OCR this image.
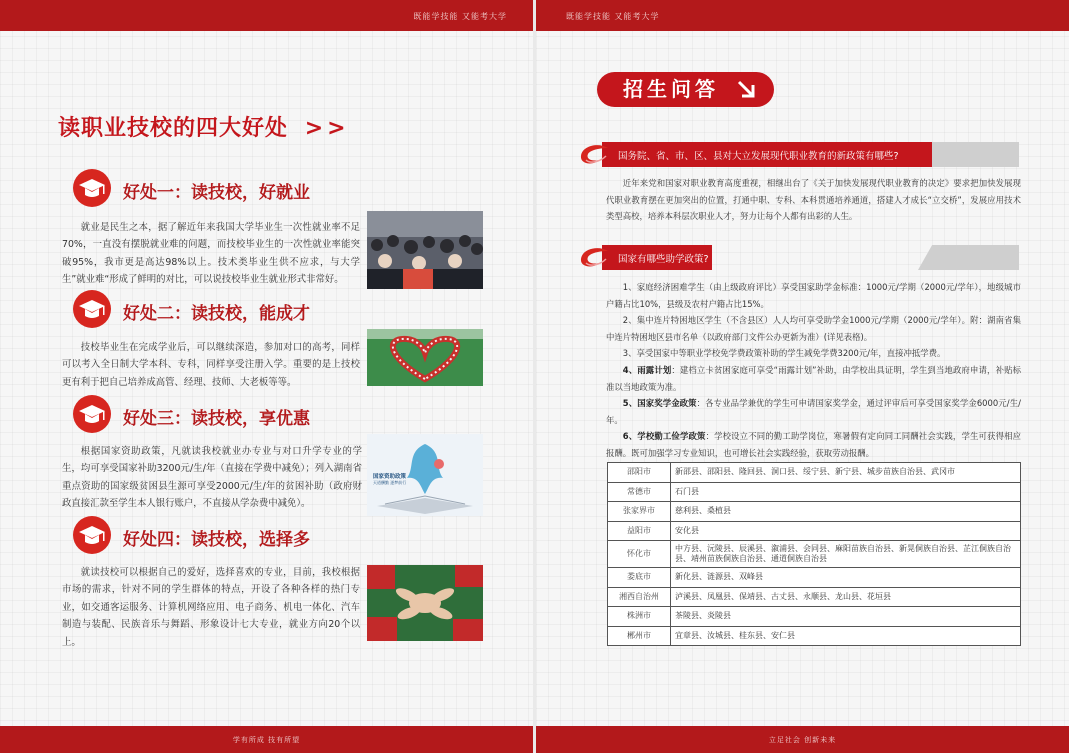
既能学技能 又能考大学
读职业技校的四大好处 >>
好处一：读技校，好就业

就业是民生之本，据了解近年来我国大学毕业生一次性就业率不足70%，一直没有摆脱就业难的问题，而技校毕业生的一次性就业率能突破95%，我市更是高达98%以上。技术类毕业生供不应求，与大学生”就业难“形成了鲜明的对比，可以说技校毕业生就业形式非常好。

好处二：读技校，能成才

技校毕业生在完成学业后，可以继续深造，参加对口的高考，同样可以考入全日制大学本科、专科，同样享受注册入学。重要的是上技校更有利于把自己培养成高管、经理、技师、大老板等等。

好处三：读技校，享优惠

根据国家资助政策，凡就读我校就业办专业与对口升学专业的学生，均可享受国家补助3200元/生/年（直接在学费中减免）；列入湖南省重点资助的国家级贫困县生源可享受2000元/生/年的贫困补助（政府财政直接汇款至学生本人银行账户，不直接从学杂费中减免）。

国家资助政策
天道酬勤 逐梦前行
好处四：读技校，选择多

就读技校可以根据自己的爱好，选择喜欢的专业，目前，我校根据市场的需求，针对不同的学生群体的特点，开设了各种各样的热门专业，如交通客运服务、计算机网络应用、电子商务、机电一体化、汽车制造与装配、民族音乐与舞蹈、形象设计七大专业，就业方向20个以上。

学有所成 技有所望
既能学技能 又能考大学
招生问答
国务院、省、市、区、县对大立发展现代职业教育的新政策有哪些?

近年来党和国家对职业教育高度重视，相继出台了《关于加快发展现代职业教育的决定》要求把加快发展现代职业教育摆在更加突出的位置，打通中职、专科、本科贯通培养通道，搭建人才成长“立交桥”，发展应用技术类型高校，培养本科层次职业人才，努力让每个人都有出彩的人生。

国家有哪些助学政策?

1、家庭经济困难学生（由上级政府评比）享受国家助学金标准：1000元/学期（2000元/学年），地级城市户籍占比10%，县级及农村户籍占比15%。

2、集中连片特困地区学生（不含县区）人人均可享受助学金1000元/学期（2000元/学年）。附：湖南省集中连片特困地区县市名单（以政府部门文件公办更新为准）(详见表格)。

3、享受国家中等职业学校免学费政策补助的学生减免学费3200元/年，直接冲抵学费。

4、雨露计划：建档立卡贫困家庭可享受“雨露计划”补助，由学校出具证明，学生到当地政府申请，补贴标准以当地政策为准。

5、国家奖学金政策：各专业品学兼优的学生可申请国家奖学金，通过评审后可享受国家奖学金6000元/生/年。

6、学校勤工俭学政策：学校设立不同的勤工助学岗位，寒暑假有定向同工同酬社会实践，学生可获得相应报酬。既可加强学习专业知识，也可增长社会实践经验，获取劳动报酬。

邵阳市	新邵县、邵阳县、隆回县、洞口县、绥宁县、新宁县、城步苗族自治县、武冈市
常德市	石门县
张家界市	慈利县、桑植县
益阳市	安化县
怀化市	中方县、沅陵县、辰溪县、溆浦县、会同县、麻阳苗族自治县、新晃侗族自治县、芷江侗族自治县、靖州苗族侗族自治县、通道侗族自治县
娄底市	新化县、涟源县、双峰县
湘西自治州	泸溪县、凤凰县、保靖县、古丈县、永顺县、龙山县、花垣县
株洲市	茶陵县、炎陵县
郴州市	宜章县、汝城县、桂东县、安仁县
立足社会 创新未来
